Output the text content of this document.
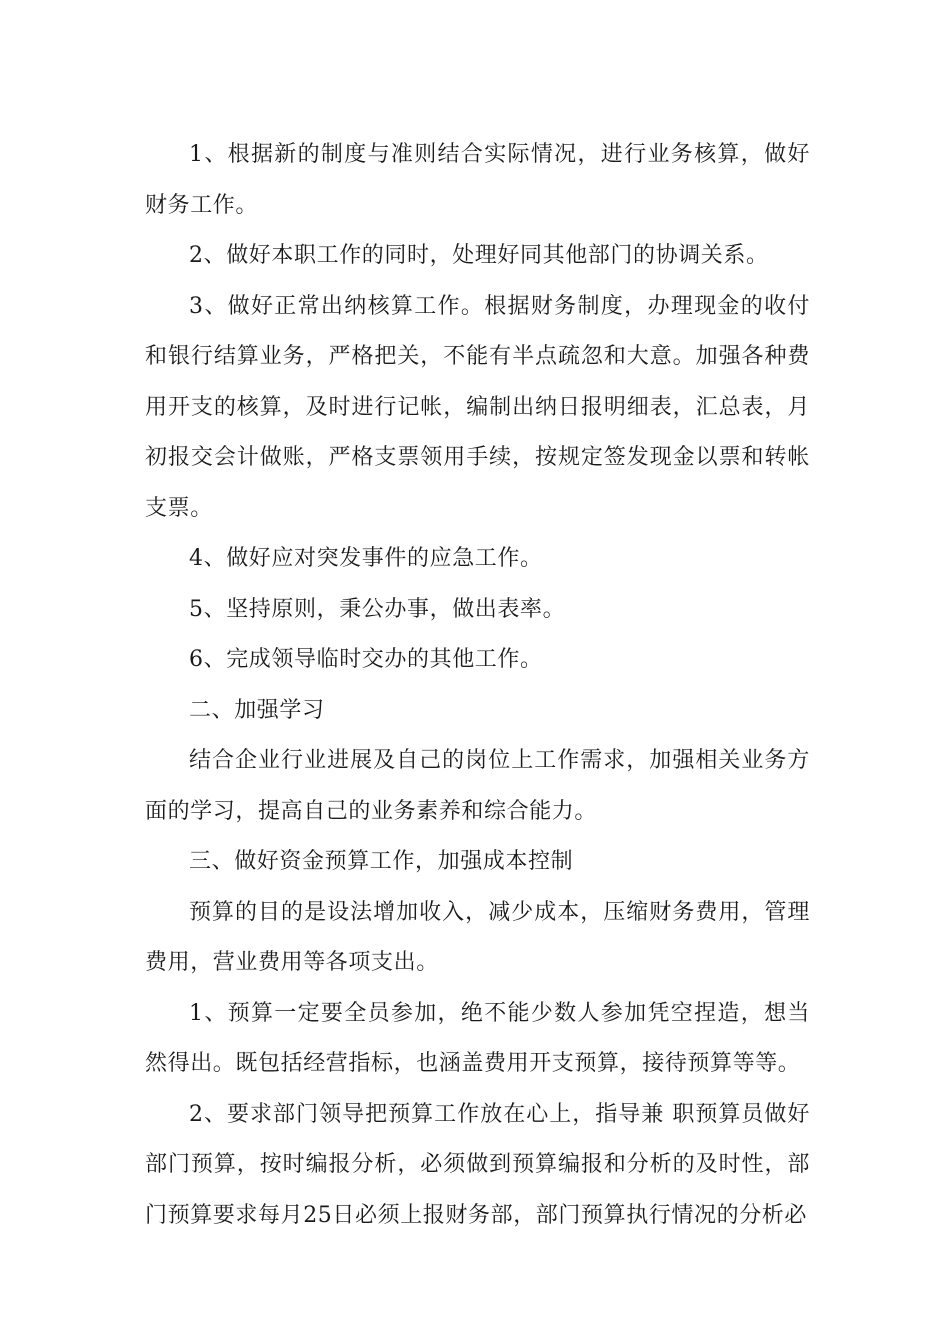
1、根据新的制度与准则结合实际情况，进行业务核算，做好财务工作。

2、做好本职工作的同时，处理好同其他部门的协调关系。

3、做好正常出纳核算工作。根据财务制度，办理现金的收付和银行结算业务，严格把关，不能有半点疏忽和大意。加强各种费用开支的核算，及时进行记帐，编制出纳日报明细表，汇总表，月初报交会计做账，严格支票领用手续，按规定签发现金以票和转帐支票。

4、做好应对突发事件的应急工作。

5、坚持原则，秉公办事，做出表率。

6、完成领导临时交办的其他工作。

二、加强学习

结合企业行业进展及自己的岗位上工作需求，加强相关业务方面的学习，提高自己的业务素养和综合能力。

三、做好资金预算工作，加强成本控制

预算的目的是设法增加收入，减少成本，压缩财务费用，管理费用，营业费用等各项支出。

1、预算一定要全员参加，绝不能少数人参加凭空捏造，想当然得出。既包括经营指标，也涵盖费用开支预算，接待预算等等。

2、要求部门领导把预算工作放在心上，指导兼 职预算员做好部门预算，按时编报分析，必须做到预算编报和分析的及时性，部门预算要求每月25日必须上报财务部，部门预算执行情况的分析必
